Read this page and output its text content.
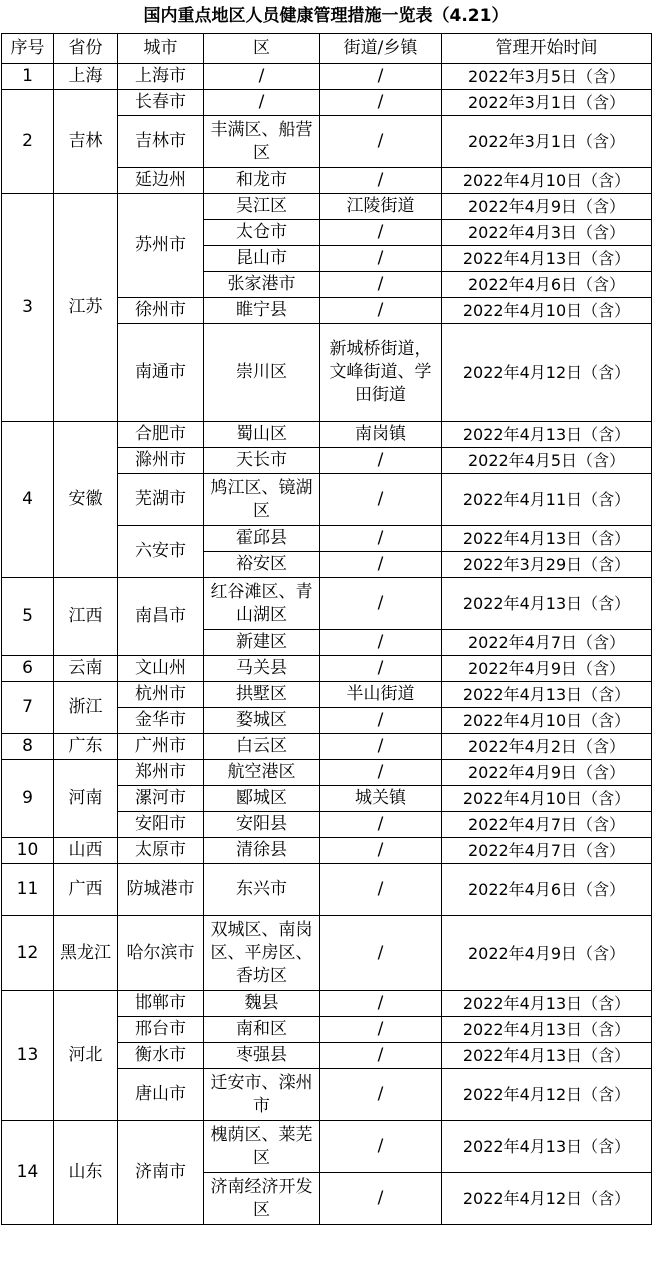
国内重点地区人员健康管理措施一览表（4.21）
序号	省份	城市	区	街道/乡镇	管理开始时间
1	上海	上海市	/	/	2022年3月5日（含）
2	吉林	长春市	/	/	2022年3月1日（含）
		吉林市	丰满区、船营区	/	2022年3月1日（含）
		延边州	和龙市	/	2022年4月10日（含）
3	江苏	苏州市	吴江区	江陵街道	2022年4月9日（含）
			太仓市	/	2022年4月3日（含）
			昆山市	/	2022年4月13日（含）
			张家港市	/	2022年4月6日（含）
		徐州市	睢宁县	/	2022年4月10日（含）
		南通市	崇川区	新城桥街道，文峰街道、学田街道	2022年4月12日（含）
4	安徽	合肥市	蜀山区	南岗镇	2022年4月13日（含）
		滁州市	天长市	/	2022年4月5日（含）
		芜湖市	鸠江区、镜湖区	/	2022年4月11日（含）
		六安市	霍邱县	/	2022年4月13日（含）
			裕安区	/	2022年3月29日（含）
5	江西	南昌市	红谷滩区、青山湖区	/	2022年4月13日（含）
			新建区	/	2022年4月7日（含）
6	云南	文山州	马关县	/	2022年4月9日（含）
7	浙江	杭州市	拱墅区	半山街道	2022年4月13日（含）
		金华市	婺城区	/	2022年4月10日（含）
8	广东	广州市	白云区	/	2022年4月2日（含）
9	河南	郑州市	航空港区	/	2022年4月9日（含）
		漯河市	郾城区	城关镇	2022年4月10日（含）
		安阳市	安阳县	/	2022年4月7日（含）
10	山西	太原市	清徐县	/	2022年4月7日（含）
11	广西	防城港市	东兴市	/	2022年4月6日（含）
12	黑龙江	哈尔滨市	双城区、南岗区、平房区、香坊区	/	2022年4月9日（含）
13	河北	邯郸市	魏县	/	2022年4月13日（含）
		邢台市	南和区	/	2022年4月13日（含）
		衡水市	枣强县	/	2022年4月13日（含）
		唐山市	迁安市、滦州市	/	2022年4月12日（含）
14	山东	济南市	槐荫区、莱芜区	/	2022年4月13日（含）
			济南经济开发区	/	2022年4月12日（含）
